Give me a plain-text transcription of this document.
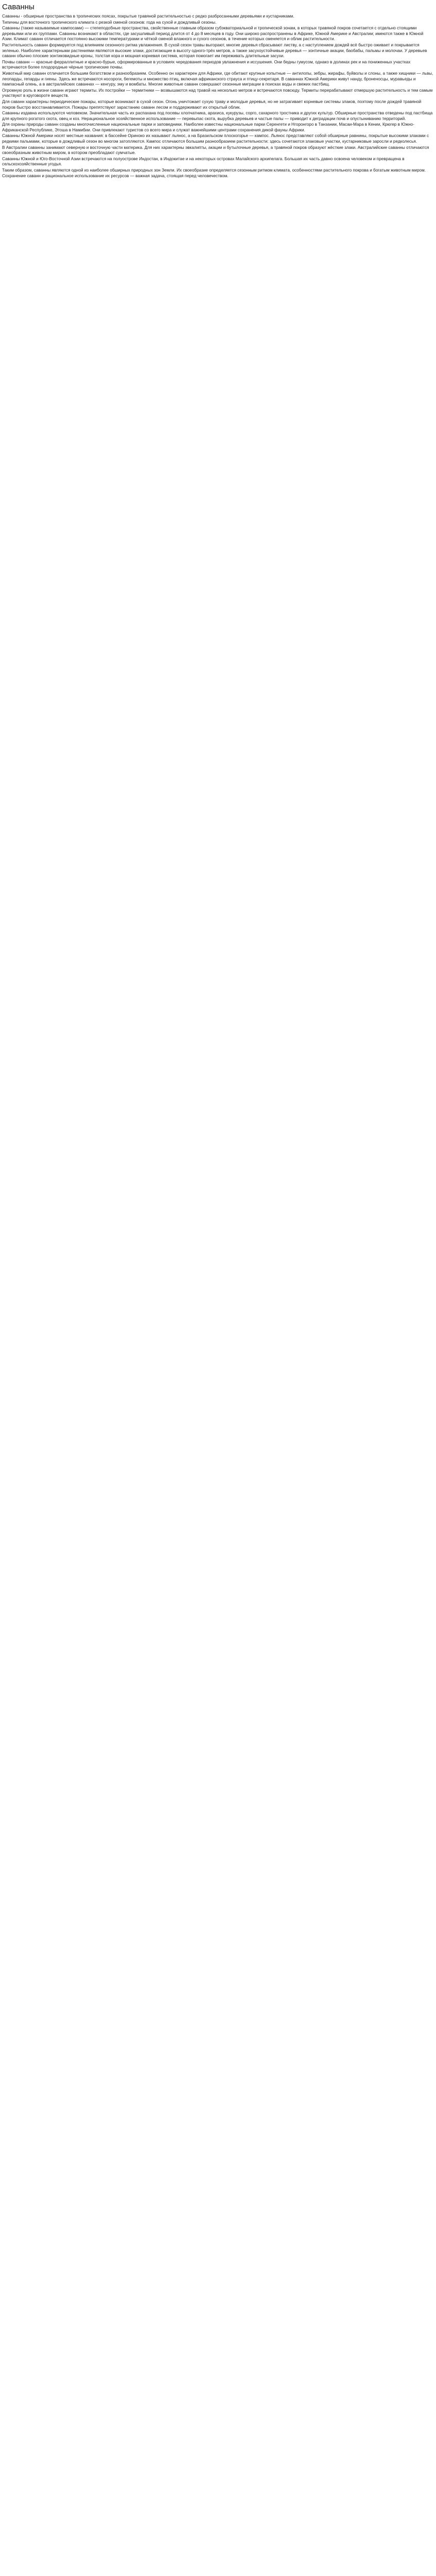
Саванны

Саванны - обширные пространства в тропических поясах, покрытые травяной растительностью с редко разбросанными деревьями и кустарниками.

Типичны для восточного тропического климата с резкой сменой сезонов: года на сухой и дождливый сезоны.

Саванны (также называемые кампосами) — степеподобные пространства, свойственные главным образом субэкваториальной и тропической зонам, в которых травяной покров сочетается с отдельно стоящими деревьями или их группами. Саванны возникают в областях, где засушливый период длится от 4 до 8 месяцев в году. Они широко распространены в Африке, Южной Америке и Австралии; имеются также в Южной Азии. Климат саванн отличается постоянно высокими температурами и чёткой сменой влажного и сухого сезонов, в течение которых сменяется и облик растительности.

Растительность саванн формируется под влиянием сезонного ритма увлажнения. В сухой сезон травы выгорают, многие деревья сбрасывают листву, а с наступлением дождей всё быстро оживает и покрывается зеленью. Наиболее характерными растениями являются высокие злаки, достигающие в высоту одного-трёх метров, а также засухоустойчивые деревья — зонтичные акации, баобабы, пальмы и молочаи. У деревьев саванн обычно плоские зонтиковидные кроны, толстая кора и мощная корневая система, которая помогает им переживать длительные засухи.

Почвы саванн — красные ферраллитные и красно-бурые, сформированные в условиях чередования периодов увлажнения и иссушения. Они бедны гумусом, однако в долинах рек и на пониженных участках встречаются более плодородные чёрные тропические почвы.

Животный мир саванн отличается большим богатством и разнообразием. Особенно он характерен для Африки, где обитают крупные копытные — антилопы, зебры, жирафы, буйволы и слоны, а также хищники — львы, леопарды, гепарды и гиены. Здесь же встречаются носороги, бегемоты и множество птиц, включая африканского страуса и птицу-секретаря. В саваннах Южной Америки живут нанду, броненосцы, муравьеды и пампасный олень, а в австралийских саваннах — кенгуру, эму и вомбаты. Многие животные саванн совершают сезонные миграции в поисках воды и свежих пастбищ.

Огромную роль в жизни саванн играют термиты. Их постройки — термитники — возвышаются над травой на несколько метров и встречаются повсюду. Термиты перерабатывают отмершую растительность и тем самым участвуют в круговороте веществ.

Для саванн характерны периодические пожары, которые возникают в сухой сезон. Огонь уничтожает сухую траву и молодые деревья, но не затрагивает корневые системы злаков, поэтому после дождей травяной покров быстро восстанавливается. Пожары препятствуют зарастанию саванн лесом и поддерживают их открытый облик.

Саванны издавна используются человеком. Значительная часть их распахана под посевы хлопчатника, арахиса, кукурузы, сорго, сахарного тростника и других культур. Обширные пространства отведены под пастбища для крупного рогатого скота, овец и коз. Нерациональное хозяйственное использование — перевыпас скота, вырубка деревьев и частые палы — приводит к деградации почв и опустыниванию территорий.

Для охраны природы саванн созданы многочисленные национальные парки и заповедники. Наиболее известны национальные парки Серенгети и Нгоронгоро в Танзании, Масаи-Мара в Кении, Крюгер в Южно-Африканской Республике, Этоша в Намибии. Они привлекают туристов со всего мира и служат важнейшими центрами сохранения дикой фауны Африки.

Саванны Южной Америки носят местные названия: в бассейне Ориноко их называют льянос, а на Бразильском плоскогорье — кампос. Льянос представляют собой обширные равнины, покрытые высокими злаками с редкими пальмами, которые в дождливый сезон во многом затопляются. Кампос отличаются большим разнообразием растительности: здесь сочетаются злаковые участки, кустарниковые заросли и редколесья.

В Австралии саванны занимают северную и восточную части материка. Для них характерны эвкалипты, акации и бутылочные деревья, а травяной покров образуют жёсткие злаки. Австралийские саванны отличаются своеобразным животным миром, в котором преобладают сумчатые.

Саванны Южной и Юго-Восточной Азии встречаются на полуострове Индостан, в Индокитае и на некоторых островах Малайского архипелага. Большая их часть давно освоена человеком и превращена в сельскохозяйственные угодья.

Таким образом, саванны являются одной из наиболее обширных природных зон Земли. Их своеобразие определяется сезонным ритмом климата, особенностями растительного покрова и богатым животным миром. Сохранение саванн и рациональное использование их ресурсов — важная задача, стоящая перед человечеством.
